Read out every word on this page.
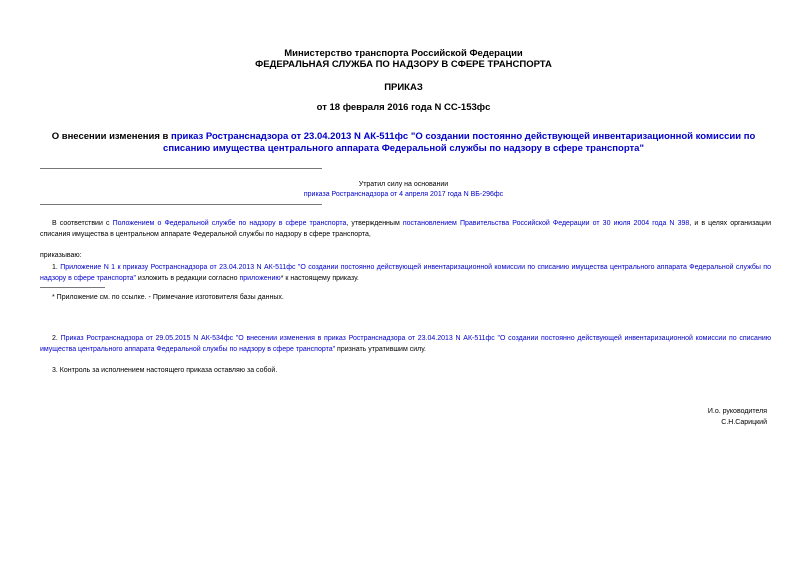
Министерство транспорта Российской Федерации
ФЕДЕРАЛЬНАЯ СЛУЖБА ПО НАДЗОРУ В СФЕРЕ ТРАНСПОРТА
ПРИКАЗ
от 18 февраля 2016 года N СС-153фс
О внесении изменения в приказ Ространснадзора от 23.04.2013 N АК-511фс "О создании постоянно действующей инвентаризационной комиссии по списанию имущества центрального аппарата Федеральной службы по надзору в сфере транспорта"
Утратил силу на основании
приказа Ространснадзора от 4 апреля 2017 года N ВБ-296фс
В соответствии с Положением о Федеральной службе по надзору в сфере транспорта, утвержденным постановлением Правительства Российской Федерации от 30 июля 2004 года N 398, и в целях организации списания имущества в центральном аппарате Федеральной службы по надзору в сфере транспорта,
приказываю:
1. Приложение N 1 к приказу Ространснадзора от 23.04.2013 N АК-511фс "О создании постоянно действующей инвентаризационной комиссии по списанию имущества центрального аппарата Федеральной службы по надзору в сфере транспорта" изложить в редакции согласно приложению* к настоящему приказу.
* Приложение см. по ссылке. - Примечание изготовителя базы данных.
2. Приказ Ространснадзора от 29.05.2015 N АК-534фс "О внесении изменения в приказ Ространснадзора от 23.04.2013 N АК-511фс "О создании постоянно действующей инвентаризационной комиссии по списанию имущества центрального аппарата Федеральной службы по надзору в сфере транспорта" признать утратившим силу.
3. Контроль за исполнением настоящего приказа оставляю за собой.
И.о. руководителя
С.Н.Сарицкий
